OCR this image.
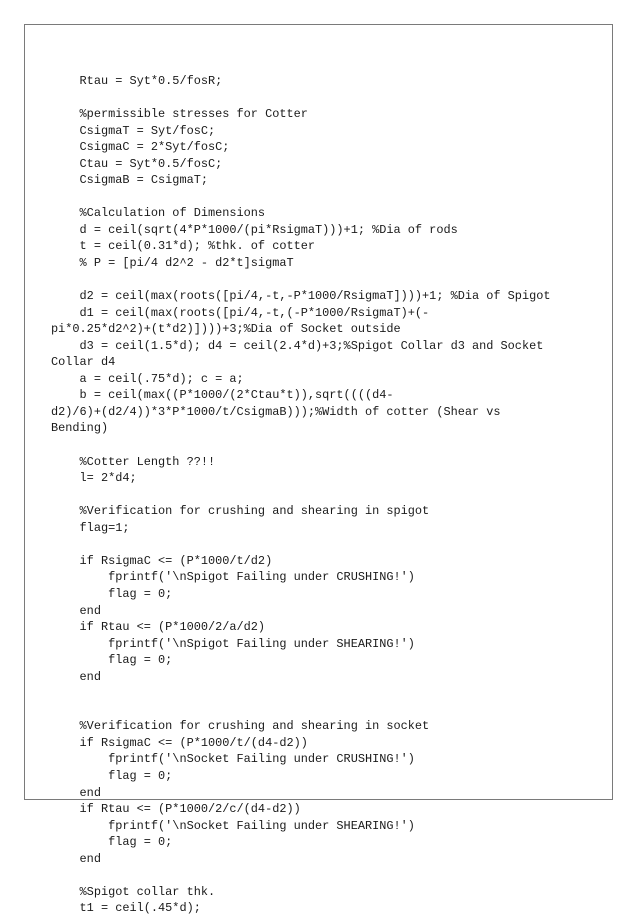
Rtau = Syt*0.5/fosR;
%permissible stresses for Cotter
CsigmaT = Syt/fosC;
CsigmaC = 2*Syt/fosC;
Ctau = Syt*0.5/fosC;
CsigmaB = CsigmaT;
%Calculation of Dimensions
d = ceil(sqrt(4*P*1000/(pi*RsigmaT)))+1; %Dia of rods
t = ceil(0.31*d); %thk. of cotter
% P = [pi/4 d2^2 - d2*t]sigmaT
d2 = ceil(max(roots([pi/4,-t,-P*1000/RsigmaT])))+1; %Dia of Spigot
d1 = ceil(max(roots([pi/4,-t,(-P*1000/RsigmaT)+(-
pi*0.25*d2^2)+(t*d2)])))+3;%Dia of Socket outside
d3 = ceil(1.5*d); d4 = ceil(2.4*d)+3;%Spigot Collar d3 and Socket
Collar d4
a = ceil(.75*d); c = a;
b = ceil(max((P*1000/(2*Ctau*t)),sqrt((((d4-
d2)/6)+(d2/4))*3*P*1000/t/CsigmaB)));%Width of cotter (Shear vs
Bending)
%Cotter Length ??!!
l= 2*d4;
%Verification for crushing and shearing in spigot
flag=1;
if RsigmaC <= (P*1000/t/d2)
fprintf('\nSpigot Failing under CRUSHING!')
flag = 0;
end
if Rtau <= (P*1000/2/a/d2)
fprintf('\nSpigot Failing under SHEARING!')
flag = 0;
end
%Verification for crushing and shearing in socket
if RsigmaC <= (P*1000/t/(d4-d2))
fprintf('\nSocket Failing under CRUSHING!')
flag = 0;
end
if Rtau <= (P*1000/2/c/(d4-d2))
fprintf('\nSocket Failing under SHEARING!')
flag = 0;
end
%Spigot collar thk.
t1 = ceil(.45*d);
